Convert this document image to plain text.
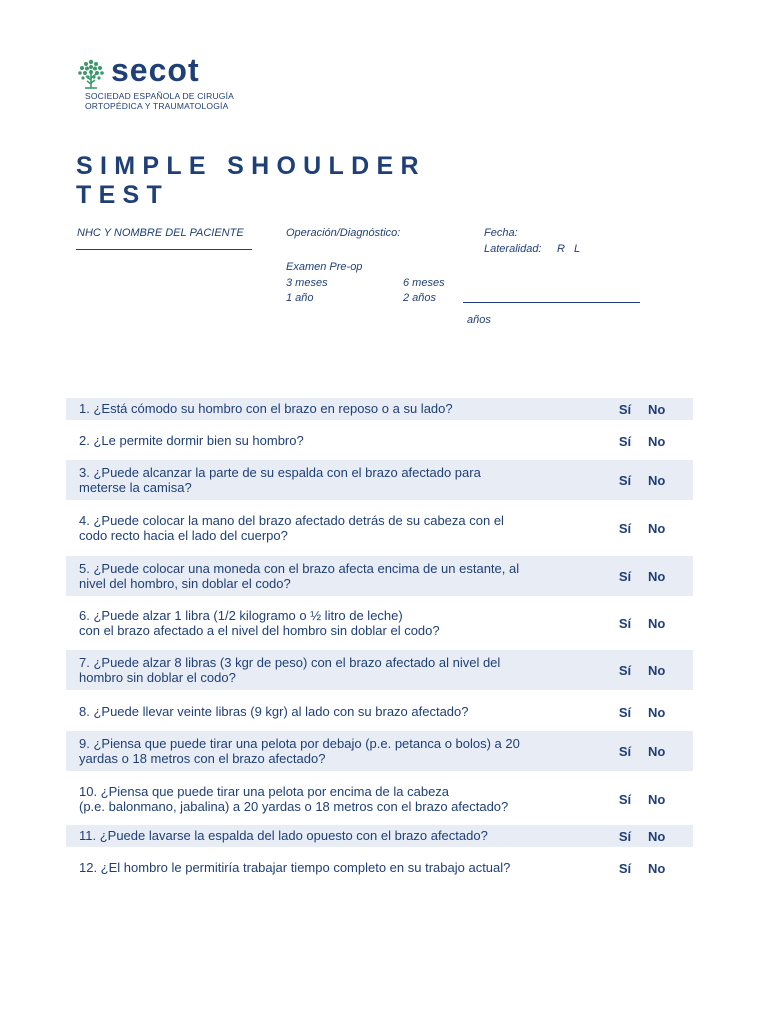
secot
SOCIEDAD ESPAÑOLA DE CIRUGÍA
ORTOPÉDICA Y TRAUMATOLOGÍA
SIMPLE SHOULDER
TEST
NHC Y NOMBRE DEL PACIENTE	Operación/Diagnóstico:	Fecha:
Lateralidad: R L
Examen Pre-op
3 meses	6 meses
1 año	2 años
años
1. ¿Está cómodo su hombro con el brazo en reposo o a su lado?	Sí	No
2. ¿Le permite dormir bien su hombro?	Sí	No
3. ¿Puede alcanzar la parte de su espalda con el brazo afectado para
meterse la camisa?	Sí	No
4. ¿Puede colocar la mano del brazo afectado detrás de su cabeza con el
codo recto hacia el lado del cuerpo?	Sí	No
5. ¿Puede colocar una moneda con el brazo afecta encima de un estante, al
nivel del hombro, sin doblar el codo?	Sí	No
6. ¿Puede alzar 1 libra (1/2 kilogramo o ½ litro de leche)
con el brazo afectado a el nivel del hombro sin doblar el codo?	Sí	No
7. ¿Puede alzar 8 libras (3 kgr de peso) con el brazo afectado al nivel del
hombro sin doblar el codo?	Sí	No
8. ¿Puede llevar veinte libras (9 kgr) al lado con su brazo afectado?	Sí	No
9. ¿Piensa que puede tirar una pelota por debajo (p.e. petanca o bolos) a 20
yardas o 18 metros con el brazo afectado?	Sí	No
10. ¿Piensa que puede tirar una pelota por encima de la cabeza
(p.e. balonmano, jabalina) a 20 yardas o 18 metros con el brazo afectado?	Sí	No
11. ¿Puede lavarse la espalda del lado opuesto con el brazo afectado?	Sí	No
12. ¿El hombro le permitiría trabajar tiempo completo en su trabajo actual?	Sí	No
